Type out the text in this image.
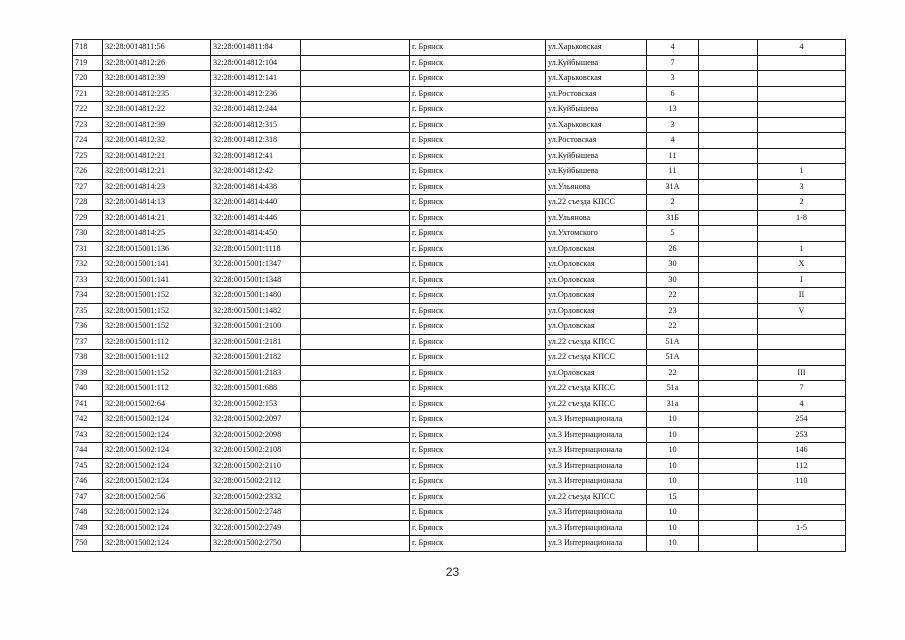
718	32:28:0014811:56	32:28:0014811:84		г. Брянск	ул.Харьковская	4		4
719	32:28:0014812:26	32:28:0014812:104		г. Брянск	ул.Куйбышева	7		
720	32:28:0014812:39	32:28:0014812:141		г. Брянск	ул.Харьковская	3		
721	32:28:0014812:235	32:28:0014812:236		г. Брянск	ул.Ростовская	6		
722	32:28:0014812:22	32:28:0014812:244		г. Брянск	ул.Куйбышева	13		
723	32:28:0014812:39	32:28:0014812:315		г. Брянск	ул.Харьковская	3		
724	32:28:0014812:32	32:28:0014812:318		г. Брянск	ул.Ростовская	4		
725	32:28:0014812:21	32:28:0014812:41		г. Брянск	ул.Куйбышева	11		
726	32:28:0014812:21	32:28:0014812:42		г. Брянск	ул.Куйбышева	11		1
727	32:28:0014814:23	32:28:0014814:438		г. Брянск	ул.Ульянова	31А		3
728	32:28:0014814:13	32:28:0014814:440		г. Брянск	ул.22 съезда КПСС	2		2
729	32:28:0014814:21	32:28:0014814:446		г. Брянск	ул.Ульянова	31Б		1-8
730	32:28:0014814:25	32:28:0014814:450		г. Брянск	ул.Ухтомского	5		
731	32:28:0015001:136	32:28:0015001:1118		г. Брянск	ул.Орловская	26		1
732	32:28:0015001:141	32:28:0015001:1347		г. Брянск	ул.Орловская	30		X
733	32:28:0015001:141	32:28:0015001:1348		г. Брянск	ул.Орловская	30		I
734	32:28:0015001:152	32:28:0015001:1480		г. Брянск	ул.Орловская	22		II
735	32:28:0015001:152	32:28:0015001:1482		г. Брянск	ул.Орловская	23		V
736	32:28:0015001:152	32:28:0015001:2100		г. Брянск	ул.Орловская	22		
737	32:28:0015001:112	32:28:0015001:2181		г. Брянск	ул.22 съезда КПСС	51А		
738	32:28:0015001:112	32:28:0015001:2182		г. Брянск	ул.22 съезда КПСС	51А		
739	32:28:0015001:152	32:28:0015001:2183		г. Брянск	ул.Орловская	22		III
740	32:28:0015001:112	32:28:0015001:688		г. Брянск	ул.22 съезда КПСС	51а		7
741	32:28:0015002:64	32:28:0015002:153		г. Брянск	ул.22 съезда КПСС	31а		4
742	32:28:0015002:124	32:28:0015002:2097		г. Брянск	ул.3 Интернационала	10		254
743	32:28:0015002:124	32:28:0015002:2098		г. Брянск	ул.3 Интернационала	10		253
744	32:28:0015002:124	32:28:0015002:2108		г. Брянск	ул.3 Интернационала	10		146
745	32:28:0015002:124	32:28:0015002:2110		г. Брянск	ул.3 Интернационала	10		112
746	32:28:0015002:124	32:28:0015002:2112		г. Брянск	ул.3 Интернационала	10		110
747	32:28:0015002:56	32:28:0015002:2332		г. Брянск	ул.22 съезда КПСС	15		
748	32:28:0015002:124	32:28:0015002:2748		г. Брянск	ул.3 Интернационала	10		
749	32:28:0015002:124	32:28:0015002:2749		г. Брянск	ул.3 Интернационала	10		1-5
750	32:28:0015002:124	32:28:0015002:2750		г. Брянск	ул.3 Интернационала	10		
23
